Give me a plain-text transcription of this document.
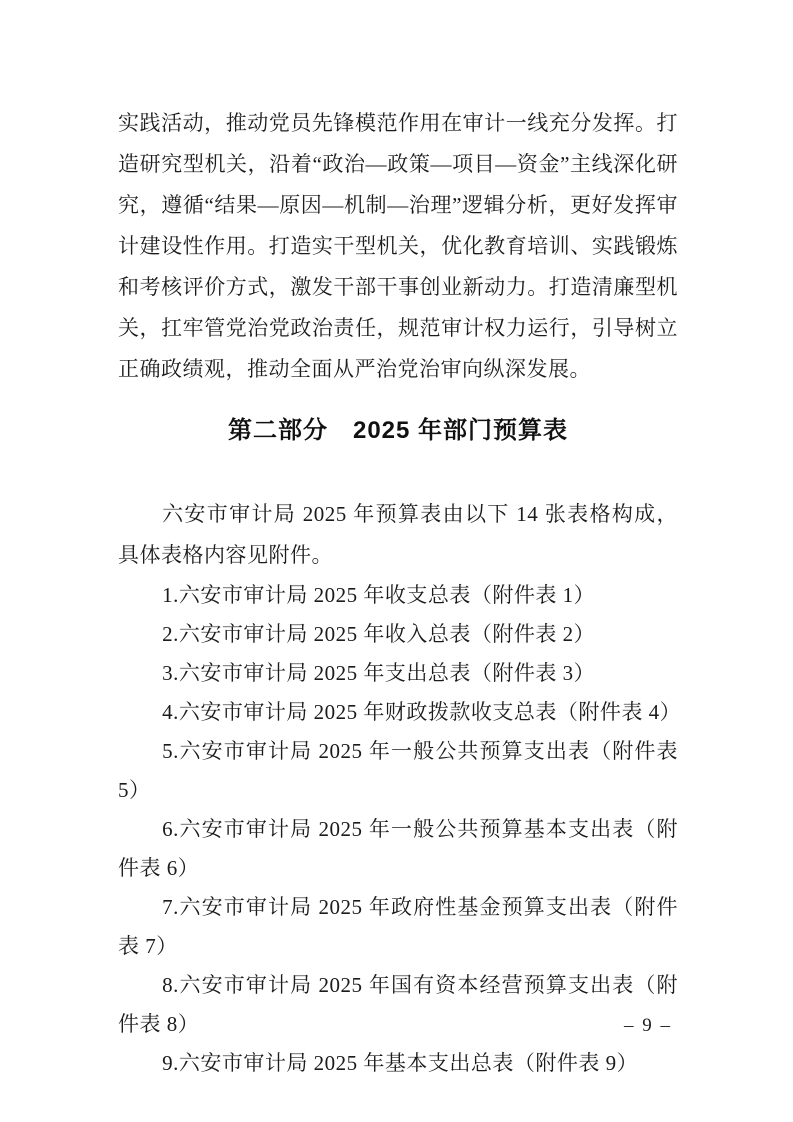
实践活动，推动党员先锋模范作用在审计一线充分发挥。打造研究型机关，沿着“政治—政策—项目—资金”主线深化研究，遵循“结果—原因—机制—治理”逻辑分析，更好发挥审计建设性作用。打造实干型机关，优化教育培训、实践锻炼和考核评价方式，激发干部干事创业新动力。打造清廉型机关，扛牢管党治党政治责任，规范审计权力运行，引导树立正确政绩观，推动全面从严治党治审向纵深发展。

第二部分　2025 年部门预算表

六安市审计局 2025 年预算表由以下 14 张表格构成，具体表格内容见附件。

1.六安市审计局 2025 年收支总表（附件表 1）

2.六安市审计局 2025 年收入总表（附件表 2）

3.六安市审计局 2025 年支出总表（附件表 3）

4.六安市审计局 2025 年财政拨款收支总表（附件表 4）

5.六安市审计局 2025 年一般公共预算支出表（附件表 5）

6.六安市审计局 2025 年一般公共预算基本支出表（附件表 6）

7.六安市审计局 2025 年政府性基金预算支出表（附件表 7）

8.六安市审计局 2025 年国有资本经营预算支出表（附件表 8）

9.六安市审计局 2025 年基本支出总表（附件表 9）

– 9 –
